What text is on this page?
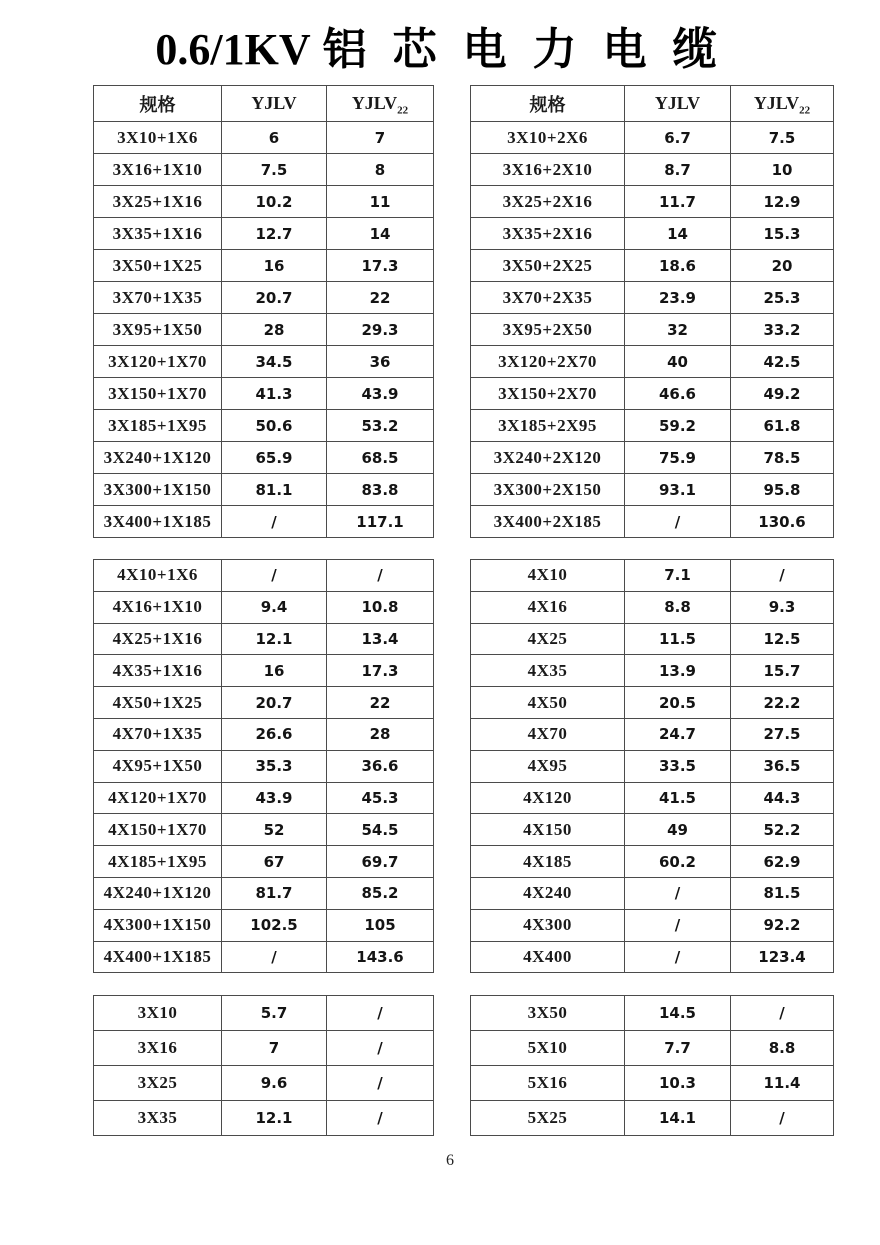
0.6/1KV 铝芯电力电缆
规格	YJLV	$YJLV_{22}$
3X10+1X6	6	7
3X16+1X10	7.5	8
3X25+1X16	10.2	11
3X35+1X16	12.7	14
3X50+1X25	16	17.3
3X70+1X35	20.7	22
3X95+1X50	28	29.3
3X120+1X70	34.5	36
3X150+1X70	41.3	43.9
3X185+1X95	50.6	53.2
3X240+1X120	65.9	68.5
3X300+1X150	81.1	83.8
3X400+1X185	/	117.1
4X10+1X6	/	/
4X16+1X10	9.4	10.8
4X25+1X16	12.1	13.4
4X35+1X16	16	17.3
4X50+1X25	20.7	22
4X70+1X35	26.6	28
4X95+1X50	35.3	36.6
4X120+1X70	43.9	45.3
4X150+1X70	52	54.5
4X185+1X95	67	69.7
4X240+1X120	81.7	85.2
4X300+1X150	102.5	105
4X400+1X185	/	143.6
3X10	5.7	/
3X16	7	/
3X25	9.6	/
3X35	12.1	/
规格	YJLV	$YJLV_{22}$
3X10+2X6	6.7	7.5
3X16+2X10	8.7	10
3X25+2X16	11.7	12.9
3X35+2X16	14	15.3
3X50+2X25	18.6	20
3X70+2X35	23.9	25.3
3X95+2X50	32	33.2
3X120+2X70	40	42.5
3X150+2X70	46.6	49.2
3X185+2X95	59.2	61.8
3X240+2X120	75.9	78.5
3X300+2X150	93.1	95.8
3X400+2X185	/	130.6
4X10	7.1	/
4X16	8.8	9.3
4X25	11.5	12.5
4X35	13.9	15.7
4X50	20.5	22.2
4X70	24.7	27.5
4X95	33.5	36.5
4X120	41.5	44.3
4X150	49	52.2
4X185	60.2	62.9
4X240	/	81.5
4X300	/	92.2
4X400	/	123.4
3X50	14.5	/
5X10	7.7	8.8
5X16	10.3	11.4
5X25	14.1	/
6
